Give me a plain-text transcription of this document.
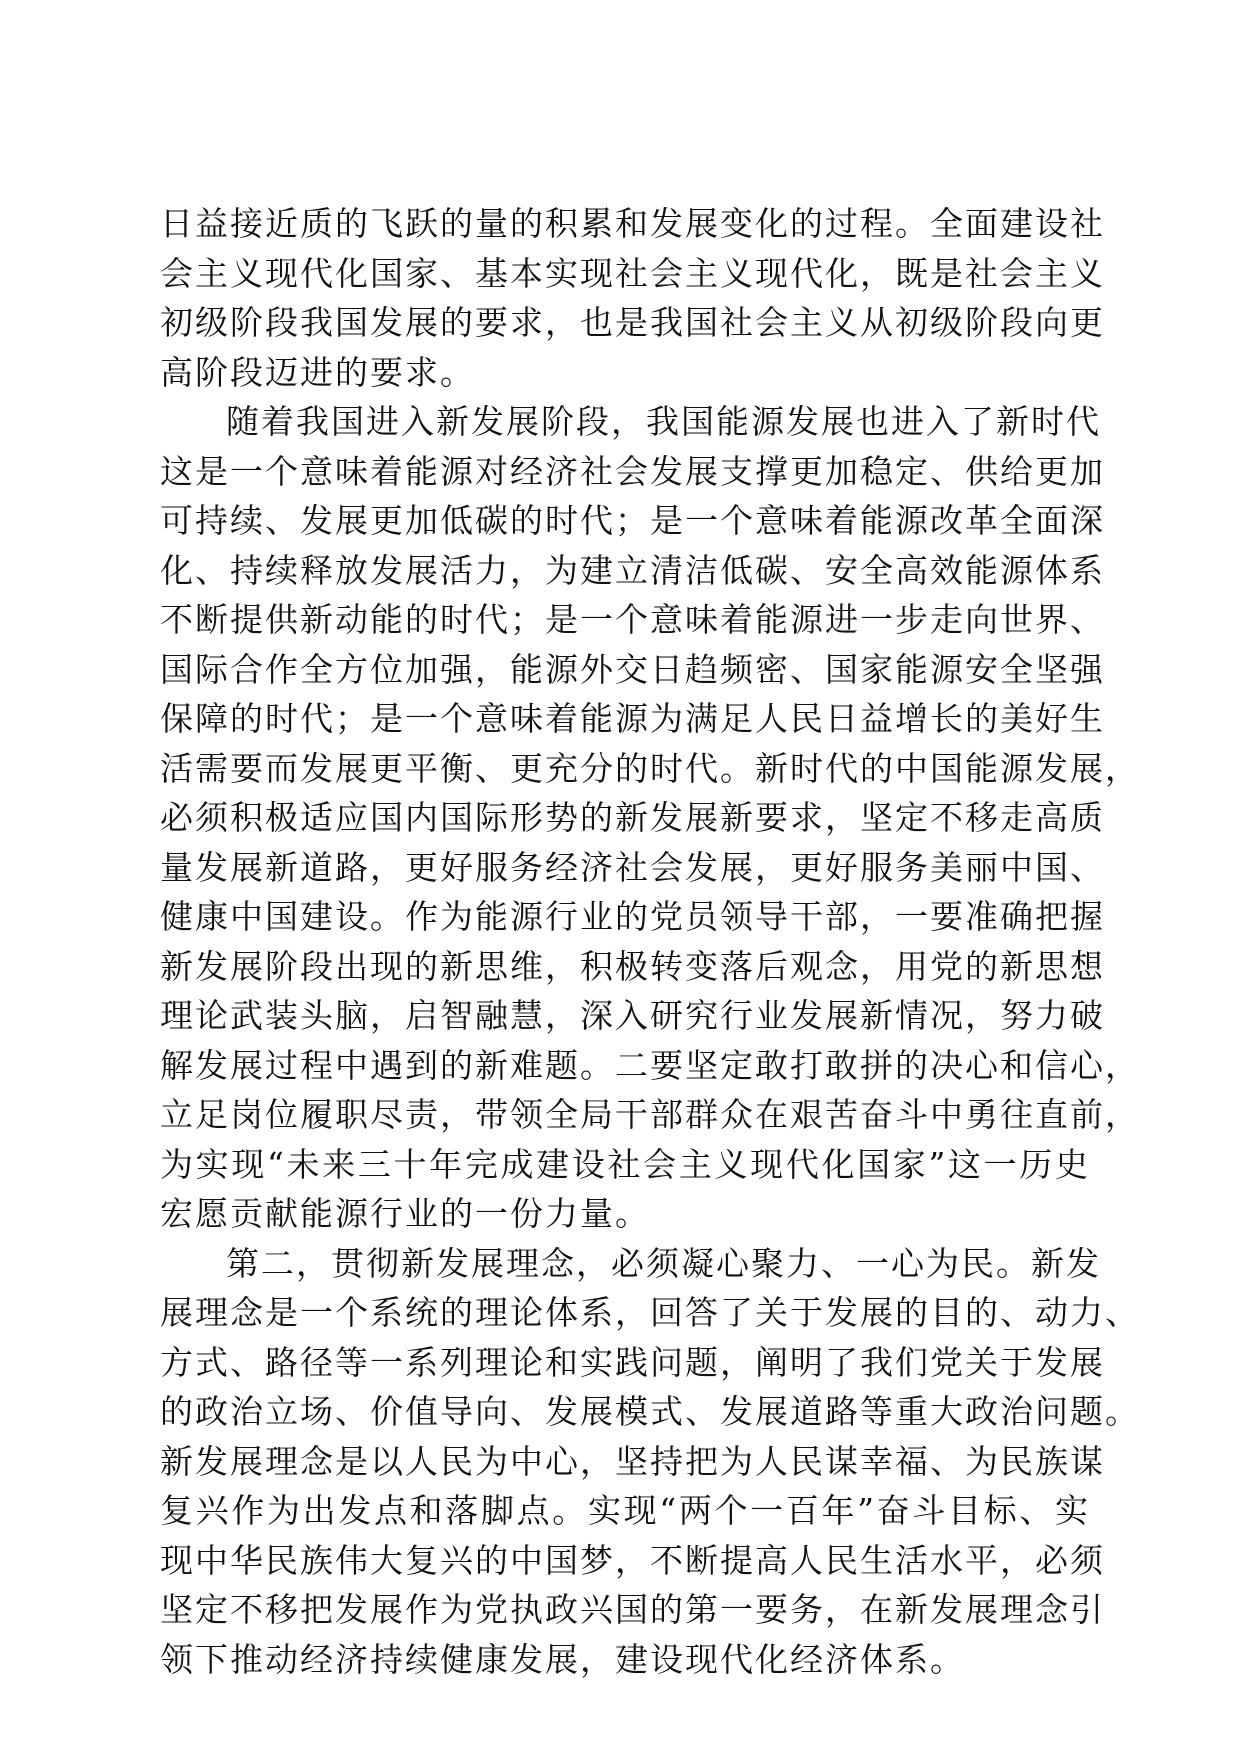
日益接近质的飞跃的量的积累和发展变化的过程。全面建设社
会主义现代化国家、基本实现社会主义现代化，既是社会主义
初级阶段我国发展的要求，也是我国社会主义从初级阶段向更
高阶段迈进的要求。
随着我国进入新发展阶段，我国能源发展也进入了新时代
这是一个意味着能源对经济社会发展支撑更加稳定、供给更加
可持续、发展更加低碳的时代；是一个意味着能源改革全面深
化、持续释放发展活力，为建立清洁低碳、安全高效能源体系
不断提供新动能的时代；是一个意味着能源进一步走向世界、
国际合作全方位加强，能源外交日趋频密、国家能源安全坚强
保障的时代；是一个意味着能源为满足人民日益增长的美好生
活需要而发展更平衡、更充分的时代。新时代的中国能源发展，
必须积极适应国内国际形势的新发展新要求，坚定不移走高质
量发展新道路，更好服务经济社会发展，更好服务美丽中国、
健康中国建设。作为能源行业的党员领导干部，一要准确把握
新发展阶段出现的新思维，积极转变落后观念，用党的新思想
理论武装头脑，启智融慧，深入研究行业发展新情况，努力破
解发展过程中遇到的新难题。二要坚定敢打敢拼的决心和信心，
立足岗位履职尽责，带领全局干部群众在艰苦奋斗中勇往直前，
为实现“未来三十年完成建设社会主义现代化国家”这一历史
宏愿贡献能源行业的一份力量。
第二，贯彻新发展理念，必须凝心聚力、一心为民。新发
展理念是一个系统的理论体系，回答了关于发展的目的、动力、
方式、路径等一系列理论和实践问题，阐明了我们党关于发展
的政治立场、价值导向、发展模式、发展道路等重大政治问题。
新发展理念是以人民为中心，坚持把为人民谋幸福、为民族谋
复兴作为出发点和落脚点。实现“两个一百年”奋斗目标、实
现中华民族伟大复兴的中国梦，不断提高人民生活水平，必须
坚定不移把发展作为党执政兴国的第一要务，在新发展理念引
领下推动经济持续健康发展，建设现代化经济体系。
